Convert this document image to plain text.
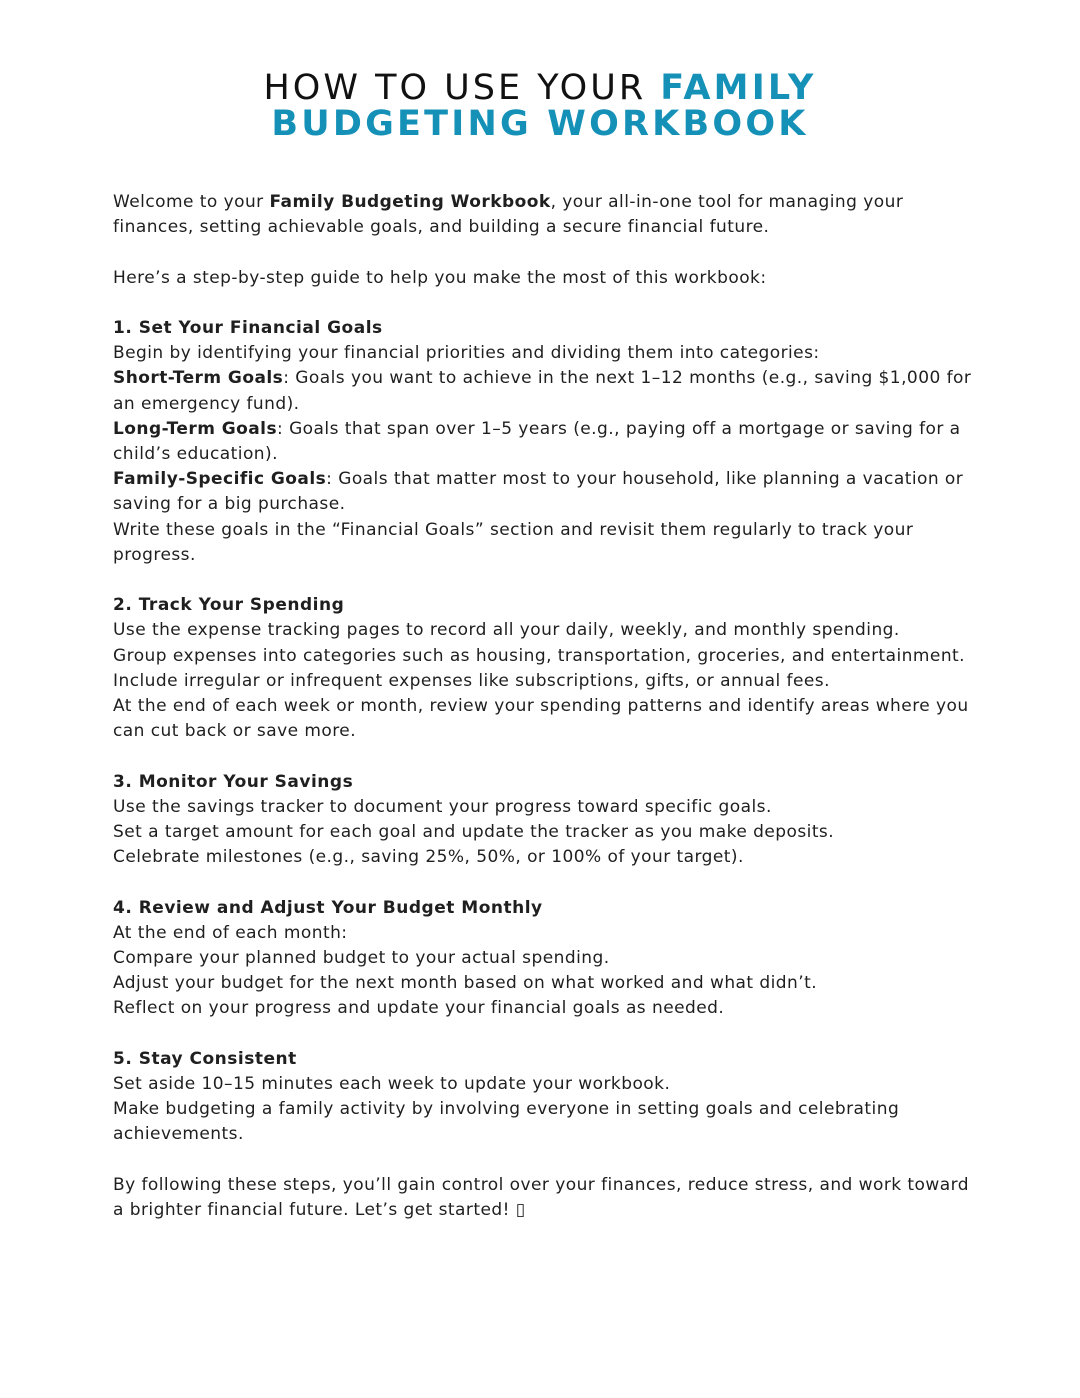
HOW TO USE YOUR FAMILY
BUDGETING WORKBOOK

Welcome to your Family Budgeting Workbook, your all-in-one tool for managing your finances, setting achievable goals, and building a secure financial future.

Here’s a step-by-step guide to help you make the most of this workbook:

1. Set Your Financial Goals

Begin by identifying your financial priorities and dividing them into categories:

Short-Term Goals: Goals you want to achieve in the next 1–12 months (e.g., saving $1,000 for an emergency fund).

Long-Term Goals: Goals that span over 1–5 years (e.g., paying off a mortgage or saving for a child’s education).

Family-Specific Goals: Goals that matter most to your household, like planning a vacation or saving for a big purchase.

Write these goals in the “Financial Goals” section and revisit them regularly to track your progress.

2. Track Your Spending

Use the expense tracking pages to record all your daily, weekly, and monthly spending.

Group expenses into categories such as housing, transportation, groceries, and entertainment.

Include irregular or infrequent expenses like subscriptions, gifts, or annual fees.

At the end of each week or month, review your spending patterns and identify areas where you can cut back or save more.

3. Monitor Your Savings

Use the savings tracker to document your progress toward specific goals.

Set a target amount for each goal and update the tracker as you make deposits.

Celebrate milestones (e.g., saving 25%, 50%, or 100% of your target).

4. Review and Adjust Your Budget Monthly

At the end of each month:

Compare your planned budget to your actual spending.

Adjust your budget for the next month based on what worked and what didn’t.

Reflect on your progress and update your financial goals as needed.

5. Stay Consistent

Set aside 10–15 minutes each week to update your workbook.

Make budgeting a family activity by involving everyone in setting goals and celebrating achievements.

By following these steps, you’ll gain control over your finances, reduce stress, and work toward a brighter financial future. Let’s get started! ▯
